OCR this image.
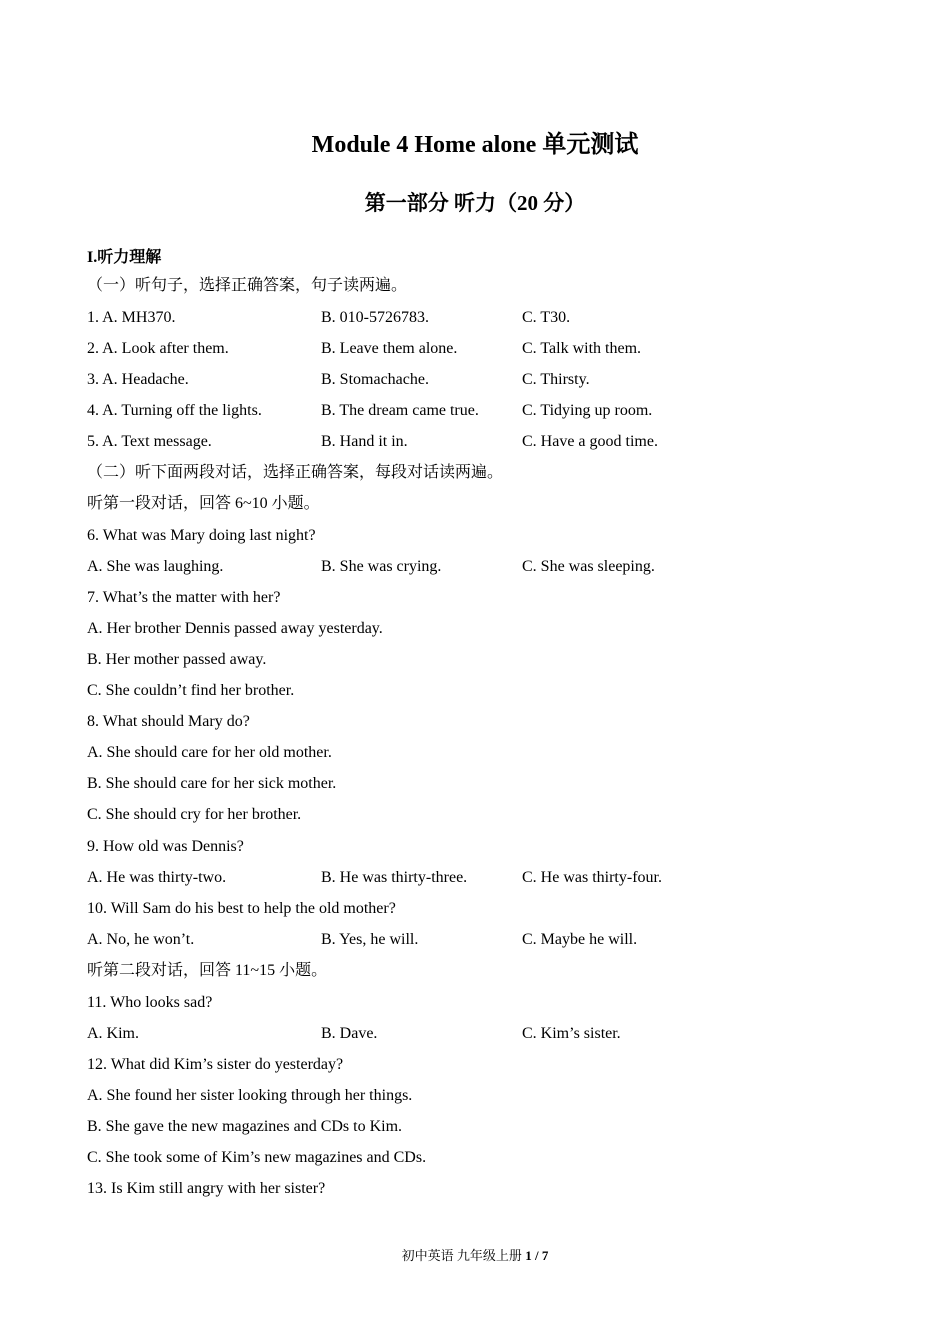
Module 4 Home alone 单元测试
第一部分 听力（20 分）
I.听力理解
（一）听句子，选择正确答案，句子读两遍。
1. A. MH370.	B. 010-5726783.	C. T30.
2. A. Look after them.	B. Leave them alone.	C. Talk with them.
3. A. Headache.	B. Stomachache.	C. Thirsty.
4. A. Turning off the lights.	B. The dream came true.	C. Tidying up room.
5. A. Text message.	B. Hand it in.	C. Have a good time.
（二）听下面两段对话，选择正确答案，每段对话读两遍。
听第一段对话，回答 6~10 小题。
6. What was Mary doing last night?
A. She was laughing.	B. She was crying.	C. She was sleeping.
7. What’s the matter with her?
A. Her brother Dennis passed away yesterday.
B. Her mother passed away.
C. She couldn’t find her brother.
8. What should Mary do?
A. She should care for her old mother.
B. She should care for her sick mother.
C. She should cry for her brother.
9. How old was Dennis?
A. He was thirty-two.	B. He was thirty-three.	C. He was thirty-four.
10. Will Sam do his best to help the old mother?
A. No, he won’t.	B. Yes, he will.	C. Maybe he will.
听第二段对话，回答 11~15 小题。
11. Who looks sad?
A. Kim.	B. Dave.	C. Kim’s sister.
12. What did Kim’s sister do yesterday?
A. She found her sister looking through her things.
B. She gave the new magazines and CDs to Kim.
C. She took some of Kim’s new magazines and CDs.
13. Is Kim still angry with her sister?
初中英语 九年级上册 1 / 7
